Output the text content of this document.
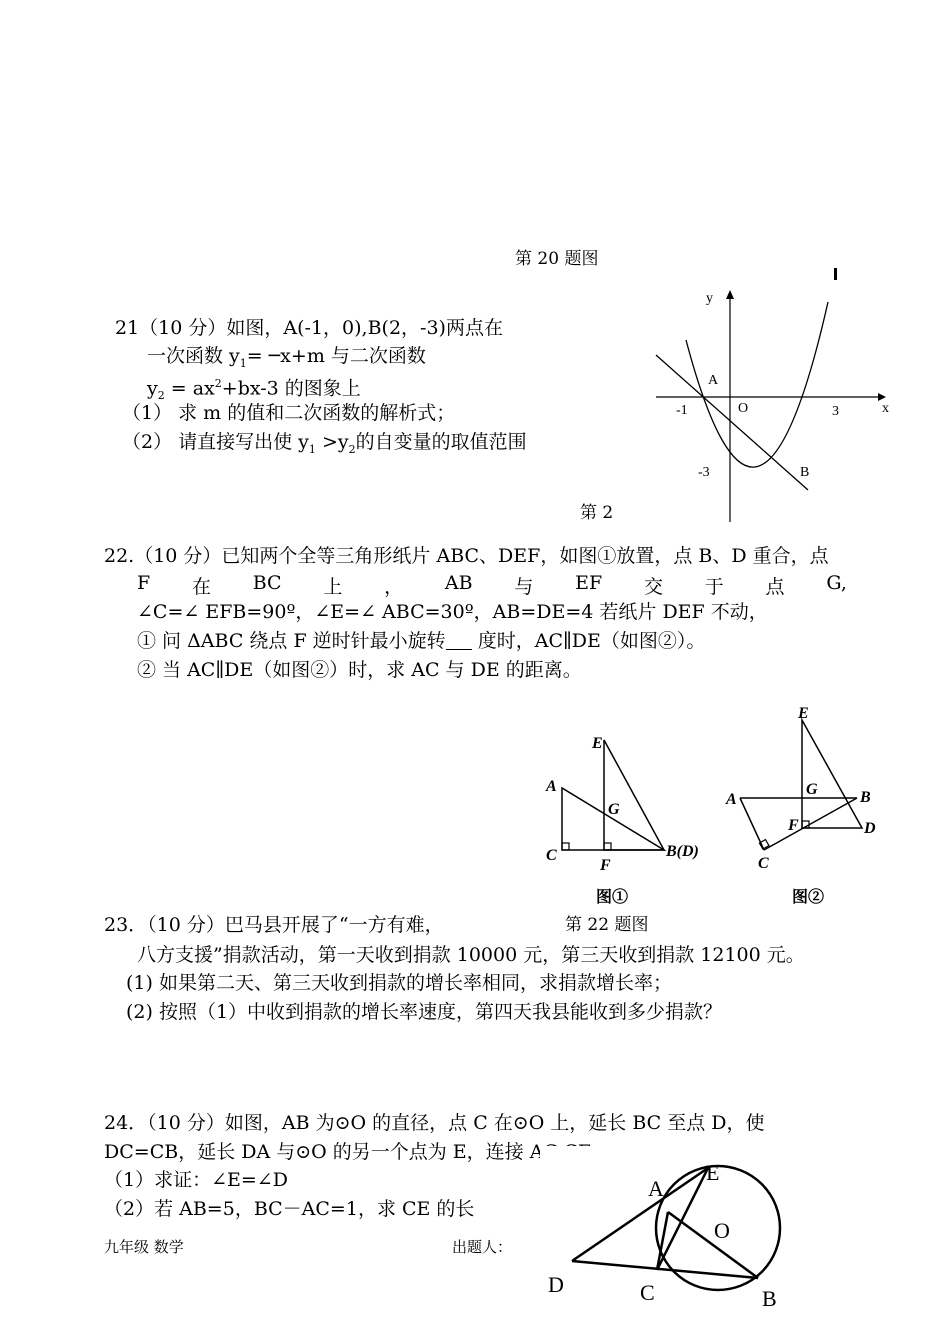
第 20 题图
21（10 分）如图，A(-1，0),B(2，-3)两点在
一次函数 $y_1=$ ─x+m 与二次函数
$y_2 = ax^2+bx-3$ 的图象上
（1） 求 m 的值和二次函数的解析式；
（2） 请直接写出使 $y_1 >y_2$的自变量的取值范围
第 2
y
x
A
O
-1	3
-3	B
22.（10 分）已知两个全等三角形纸片 ABC、DEF，如图①放置，点 B、D 重合，点
F 在 BC 上 ， AB 与 EF 交 于 点 G,
∠C=∠ EFB=90º，∠E=∠ ABC=30º，AB=DE=4 若纸片 DEF 不动，
① 问 ΔABC 绕点 F 逆时针最小旋转 度时，AC∥DE（如图②）。
② 当 AC∥DE（如图②）时，求 AC 与 DE 的距离。
E
A
G
C
F
B(D)
图①
E
G
A	B
F	D
C
图②
第 22 题图
23．（10 分）巴马县开展了“一方有难，
八方支援”捐款活动，第一天收到捐款 10000 元，第三天收到捐款 12100 元。
(1) 如果第二天、第三天收到捐款的增长率相同，求捐款增长率；
(2) 按照（1）中收到捐款的增长率速度，第四天我县能收到多少捐款？
24．（10 分）如图，AB 为⊙O 的直径，点 C 在⊙O 上，延长 BC 至点 D，使
DC=CB，延长 DA 与⊙O 的另一个点为 E，连接 AC,CE
（1）求证：∠E=∠D
（2）若 AB=5，BC－AC=1，求 CE 的长
A
E
O
D	C	B
九年级 数学	出题人：
